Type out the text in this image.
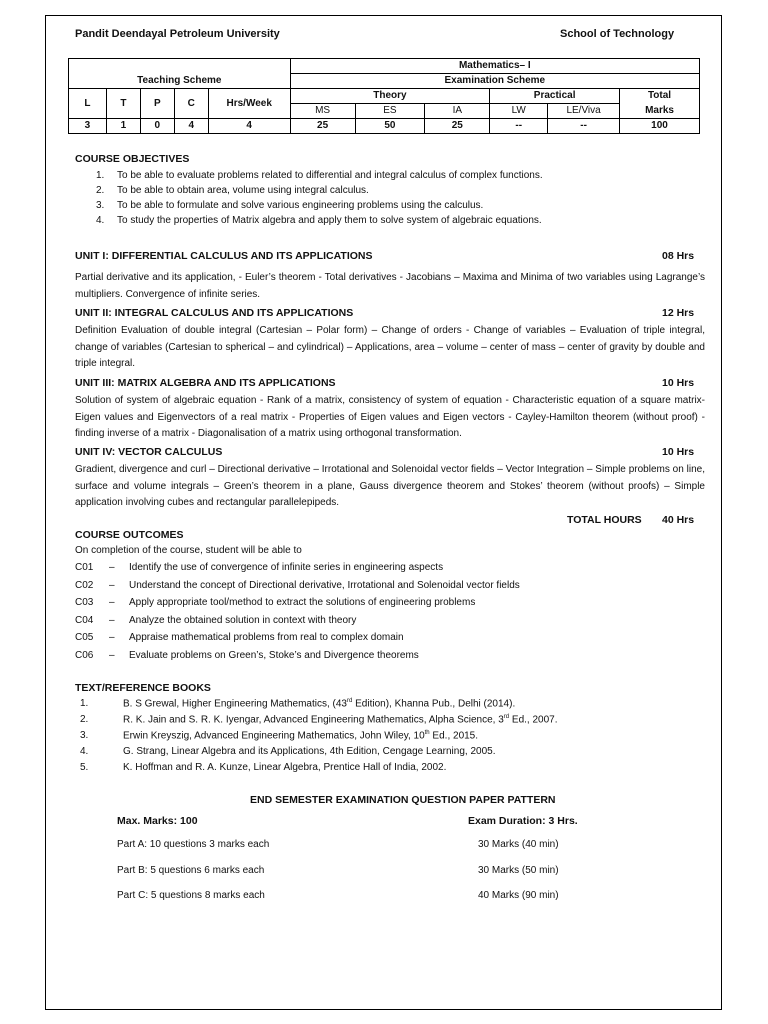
Pandit Deendayal Petroleum University	School of Technology
					Mathematics– I					
Teaching Scheme					Examination Scheme					
L	T	P	C	Hrs/Week	Theory			Practical		Total
					MS	ES	IA	LW	LE/Viva	Marks
3	1	0	4	4	25	50	25	--	--	100
COURSE OBJECTIVES
1. To be able to evaluate problems related to differential and integral calculus of complex functions.
2. To be able to obtain area, volume using integral calculus.
3. To be able to formulate and solve various engineering problems using the calculus.
4. To study the properties of Matrix algebra and apply them to solve system of algebraic equations.
UNIT I: DIFFERENTIAL CALCULUS AND ITS APPLICATIONS	08 Hrs
Partial derivative and its application, - Euler’s theorem - Total derivatives - Jacobians – Maxima and Minima of two variables using Lagrange’s multipliers. Convergence of infinite series.
UNIT II: INTEGRAL CALCULUS AND ITS APPLICATIONS	12 Hrs
Definition Evaluation of double integral (Cartesian – Polar form) – Change of orders - Change of variables – Evaluation of triple integral, change of variables (Cartesian to spherical – and cylindrical) – Applications, area – volume – center of mass – center of gravity by double and triple integral.
UNIT III: MATRIX ALGEBRA AND ITS APPLICATIONS	10 Hrs
Solution of system of algebraic equation - Rank of a matrix, consistency of system of equation - Characteristic equation of a square matrix- Eigen values and Eigenvectors of a real matrix - Properties of Eigen values and Eigen vectors - Cayley-Hamilton theorem (without proof) - finding inverse of a matrix - Diagonalisation of a matrix using orthogonal transformation.
UNIT IV: VECTOR CALCULUS	10 Hrs
Gradient, divergence and curl – Directional derivative – Irrotational and Solenoidal vector fields – Vector Integration – Simple problems on line, surface and volume integrals – Green’s theorem in a plane, Gauss divergence theorem and Stokes’ theorem (without proofs) – Simple application involving cubes and rectangular parallelepipeds.
TOTAL HOURS 40 Hrs
COURSE OUTCOMES
On completion of the course, student will be able to
C01 – Identify the use of convergence of infinite series in engineering aspects
C02 – Understand the concept of Directional derivative, Irrotational and Solenoidal vector fields
C03 – Apply appropriate tool/method to extract the solutions of engineering problems
C04 – Analyze the obtained solution in context with theory
C05 – Appraise mathematical problems from real to complex domain
C06 – Evaluate problems on Green’s, Stoke’s and Divergence theorems
TEXT/REFERENCE BOOKS
1.	B. S Grewal, Higher Engineering Mathematics, (43rd Edition), Khanna Pub., Delhi (2014).
2.	R. K. Jain and S. R. K. Iyengar, Advanced Engineering Mathematics, Alpha Science, 3rd Ed., 2007.
3.	Erwin Kreyszig, Advanced Engineering Mathematics, John Wiley, 10th Ed., 2015.
4.	G. Strang, Linear Algebra and its Applications, 4th Edition, Cengage Learning, 2005.
5.	K. Hoffman and R. A. Kunze, Linear Algebra, Prentice Hall of India, 2002.
END SEMESTER EXAMINATION QUESTION PAPER PATTERN
Max. Marks: 100	Exam Duration: 3 Hrs.
Part A: 10 questions 3 marks each	30 Marks (40 min)
Part B: 5 questions 6 marks each	30 Marks (50 min)
Part C: 5 questions 8 marks each	40 Marks (90 min)
